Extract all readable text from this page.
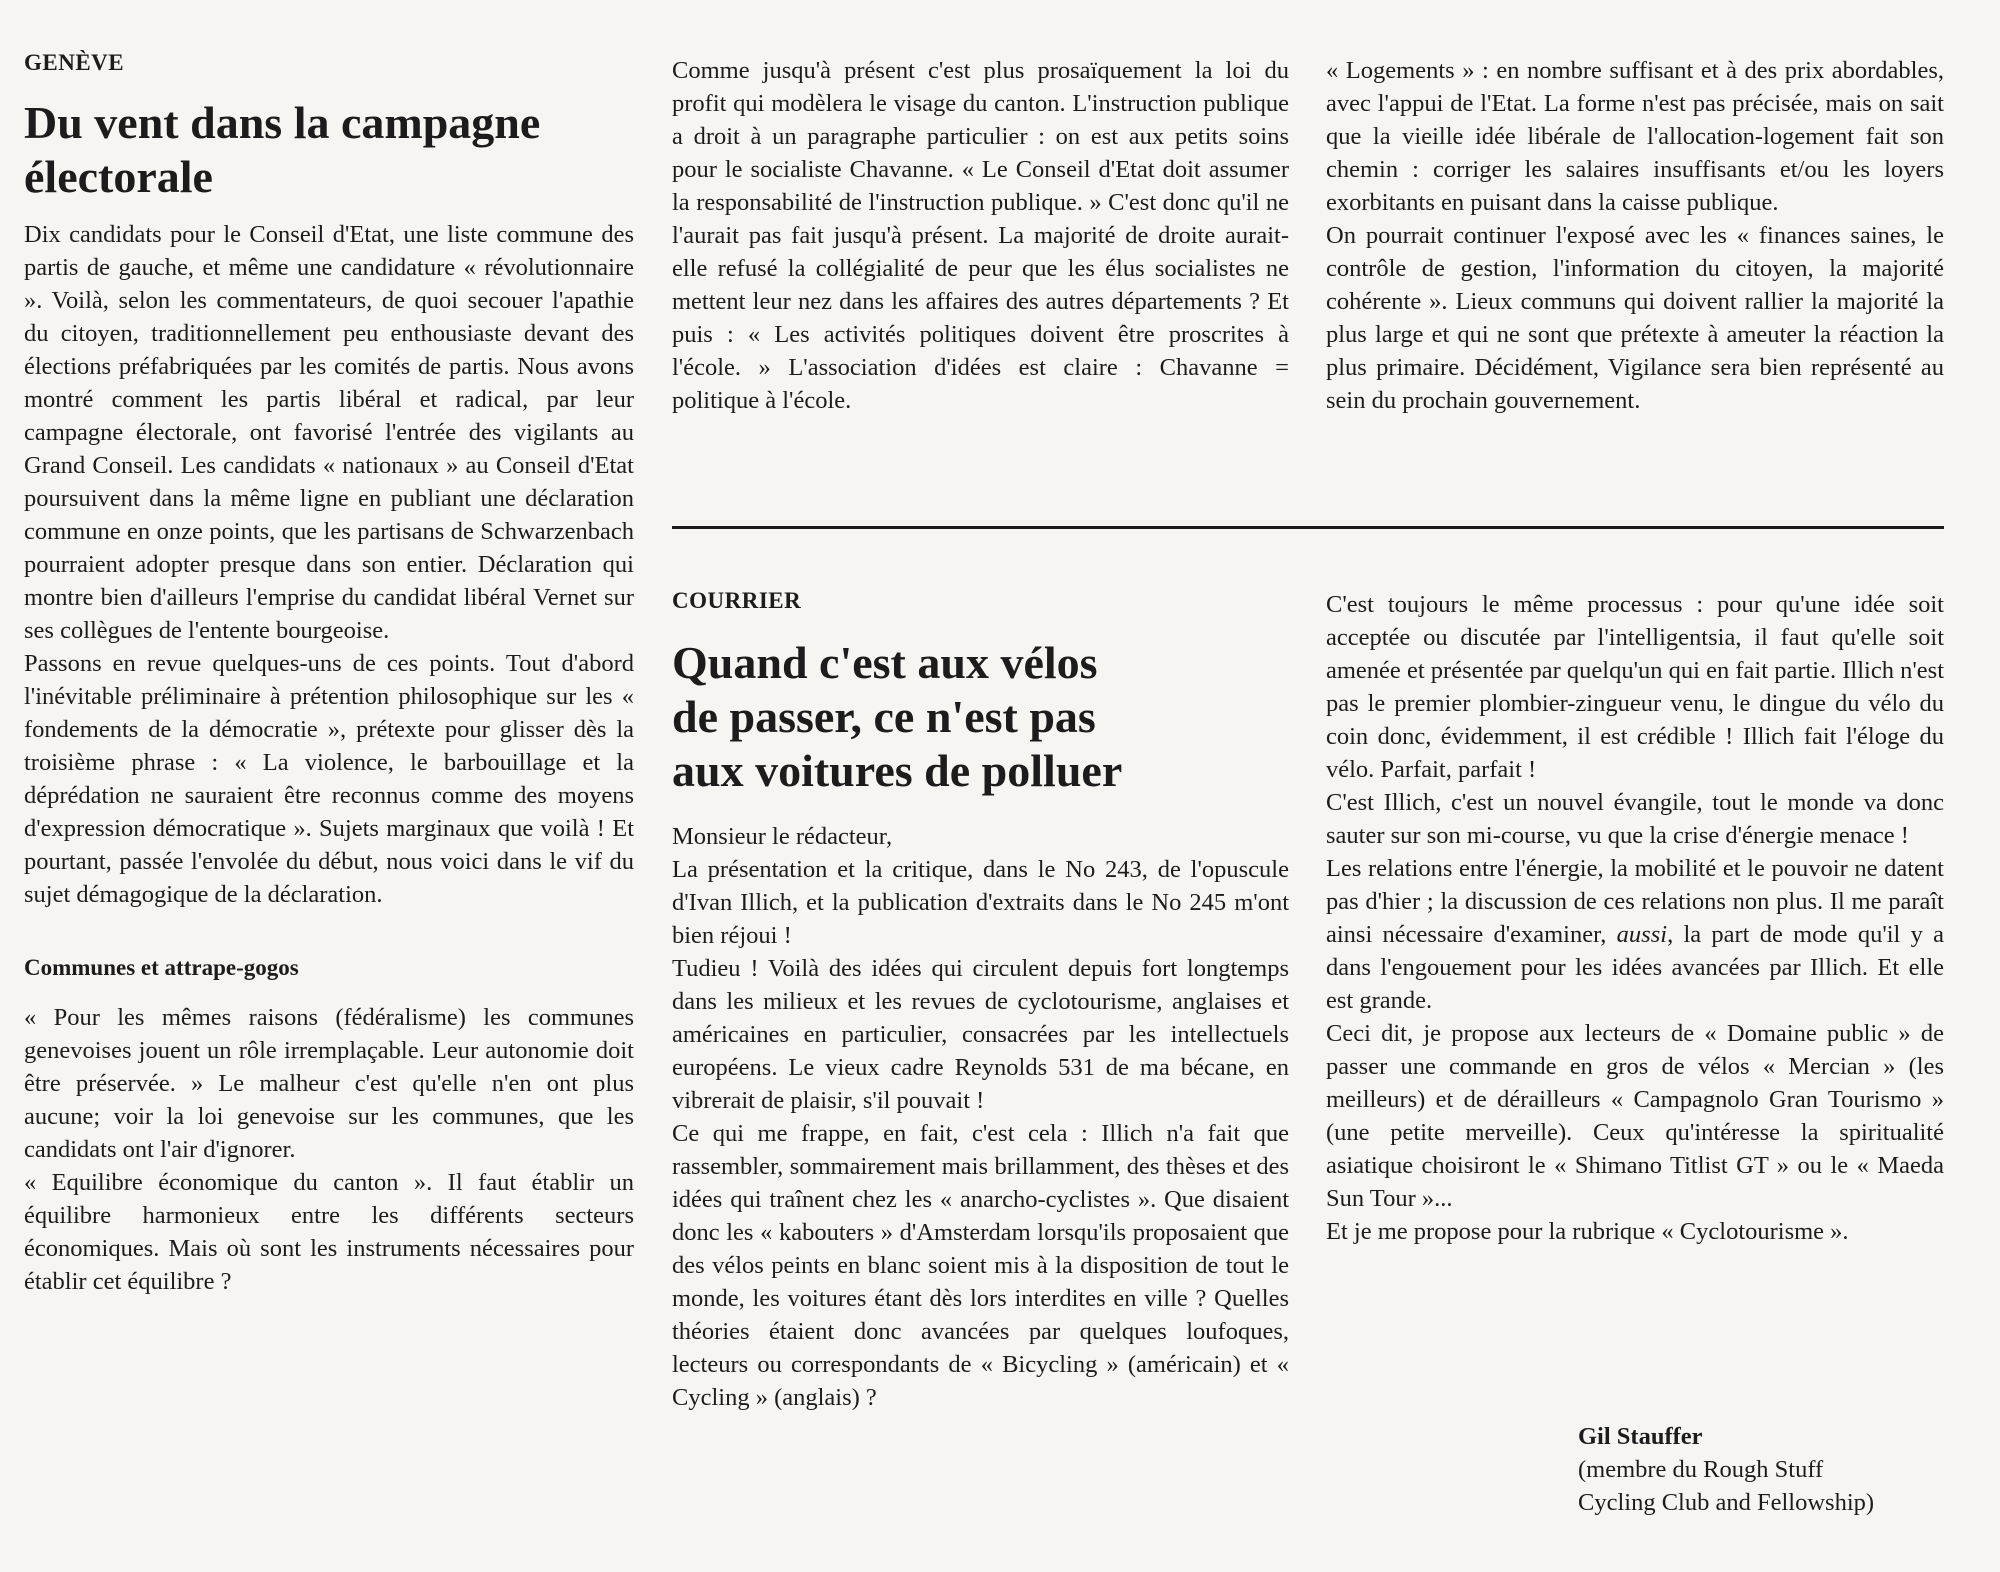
GENÈVE
Du vent dans la campagne
électorale

Dix candidats pour le Conseil d'Etat, une liste commune des partis de gauche, et même une candidature « révolutionnaire ». Voilà, selon les commentateurs, de quoi secouer l'apathie du citoyen, traditionnellement peu enthousiaste devant des élections préfabriquées par les comités de partis. Nous avons montré comment les partis libéral et radical, par leur campagne électorale, ont favorisé l'entrée des vigilants au Grand Conseil. Les candidats « nationaux » au Conseil d'Etat poursuivent dans la même ligne en publiant une déclaration commune en onze points, que les partisans de Schwarzenbach pourraient adopter presque dans son entier. Déclaration qui montre bien d'ailleurs l'emprise du candidat libéral Vernet sur ses collègues de l'entente bourgeoise.

Passons en revue quelques-uns de ces points. Tout d'abord l'inévitable préliminaire à prétention philosophique sur les « fondements de la démocratie », prétexte pour glisser dès la troisième phrase : « La violence, le barbouillage et la déprédation ne sauraient être reconnus comme des moyens d'expression démocratique ». Sujets marginaux que voilà ! Et pourtant, passée l'envolée du début, nous voici dans le vif du sujet démagogique de la déclaration.

Communes et attrape-gogos

« Pour les mêmes raisons (fédéralisme) les communes genevoises jouent un rôle irremplaçable. Leur autonomie doit être préservée. » Le malheur c'est qu'elle n'en ont plus aucune; voir la loi genevoise sur les communes, que les candidats ont l'air d'ignorer.

« Equilibre économique du canton ». Il faut établir un équilibre harmonieux entre les différents secteurs économiques. Mais où sont les instruments nécessaires pour établir cet équilibre ?

Comme jusqu'à présent c'est plus prosaïquement la loi du profit qui modèlera le visage du canton. L'instruction publique a droit à un paragraphe particulier : on est aux petits soins pour le socialiste Chavanne. « Le Conseil d'Etat doit assumer la responsabilité de l'instruction publique. » C'est donc qu'il ne l'aurait pas fait jusqu'à présent. La majorité de droite aurait-elle refusé la collégialité de peur que les élus socialistes ne mettent leur nez dans les affaires des autres départements ? Et puis : « Les activités politiques doivent être proscrites à l'école. » L'association d'idées est claire : Chavanne = politique à l'école.

« Logements » : en nombre suffisant et à des prix abordables, avec l'appui de l'Etat. La forme n'est pas précisée, mais on sait que la vieille idée libérale de l'allocation-logement fait son chemin : corriger les salaires insuffisants et/ou les loyers exorbitants en puisant dans la caisse publique.

On pourrait continuer l'exposé avec les « finances saines, le contrôle de gestion, l'information du citoyen, la majorité cohérente ». Lieux communs qui doivent rallier la majorité la plus large et qui ne sont que prétexte à ameuter la réaction la plus primaire. Décidément, Vigilance sera bien représenté au sein du prochain gouvernement.

COURRIER
Quand c'est aux vélos
de passer, ce n'est pas
aux voitures de polluer

Monsieur le rédacteur,

La présentation et la critique, dans le No 243, de l'opuscule d'Ivan Illich, et la publication d'extraits dans le No 245 m'ont bien réjoui !

Tudieu ! Voilà des idées qui circulent depuis fort longtemps dans les milieux et les revues de cyclotourisme, anglaises et américaines en particulier, consacrées par les intellectuels européens. Le vieux cadre Reynolds 531 de ma bécane, en vibrerait de plaisir, s'il pouvait !

Ce qui me frappe, en fait, c'est cela : Illich n'a fait que rassembler, sommairement mais brillamment, des thèses et des idées qui traînent chez les « anarcho-cyclistes ». Que disaient donc les « kabouters » d'Amsterdam lorsqu'ils proposaient que des vélos peints en blanc soient mis à la disposition de tout le monde, les voitures étant dès lors interdites en ville ? Quelles théories étaient donc avancées par quelques loufoques, lecteurs ou correspondants de « Bicycling » (américain) et « Cycling » (anglais) ?

C'est toujours le même processus : pour qu'une idée soit acceptée ou discutée par l'intelligentsia, il faut qu'elle soit amenée et présentée par quelqu'un qui en fait partie. Illich n'est pas le premier plombier-zingueur venu, le dingue du vélo du coin donc, évidemment, il est crédible ! Illich fait l'éloge du vélo. Parfait, parfait !

C'est Illich, c'est un nouvel évangile, tout le monde va donc sauter sur son mi-course, vu que la crise d'énergie menace !

Les relations entre l'énergie, la mobilité et le pouvoir ne datent pas d'hier ; la discussion de ces relations non plus. Il me paraît ainsi nécessaire d'examiner, aussi, la part de mode qu'il y a dans l'engouement pour les idées avancées par Illich. Et elle est grande.

Ceci dit, je propose aux lecteurs de « Domaine public » de passer une commande en gros de vélos « Mercian » (les meilleurs) et de dérailleurs « Campagnolo Gran Tourismo » (une petite merveille). Ceux qu'intéresse la spiritualité asiatique choisiront le « Shimano Titlist GT » ou le « Maeda Sun Tour »...

Et je me propose pour la rubrique « Cyclotourisme ».

Gil Stauffer
(membre du Rough Stuff
Cycling Club and Fellowship)
